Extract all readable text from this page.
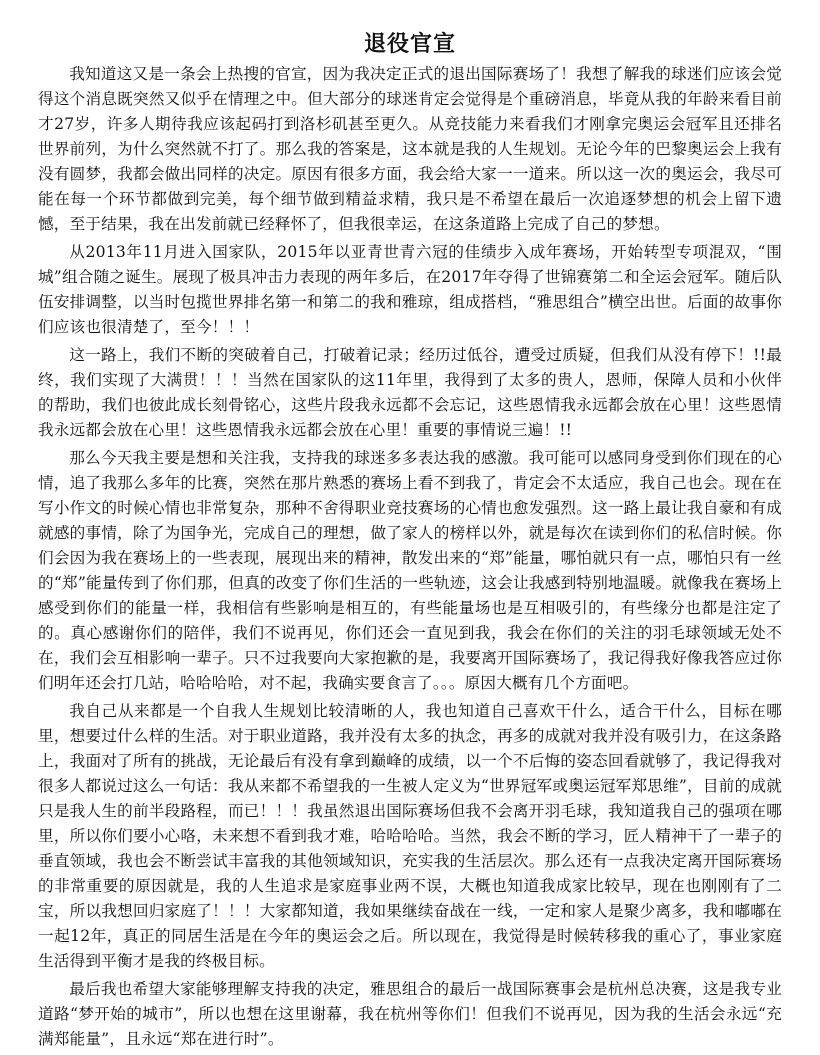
退役官宣

我知道这又是一条会上热搜的官宣，因为我决定正式的退出国际赛场了！我想了解我的球迷们应该会觉得这个消息既突然又似乎在情理之中。但大部分的球迷肯定会觉得是个重磅消息，毕竟从我的年龄来看目前才27岁，许多人期待我应该起码打到洛杉矶甚至更久。从竞技能力来看我们才刚拿完奥运会冠军且还排名世界前列，为什么突然就不打了。那么我的答案是，这本就是我的人生规划。无论今年的巴黎奥运会上我有没有圆梦，我都会做出同样的决定。原因有很多方面，我会给大家一一道来。所以这一次的奥运会，我尽可能在每一个环节都做到完美，每个细节做到精益求精，我只是不希望在最后一次追逐梦想的机会上留下遗憾，至于结果，我在出发前就已经释怀了，但我很幸运，在这条道路上完成了自己的梦想。

从2013年11月进入国家队，2015年以亚青世青六冠的佳绩步入成年赛场，开始转型专项混双，“围城”组合随之诞生。展现了极具冲击力表现的两年多后，在2017年夺得了世锦赛第二和全运会冠军。随后队伍安排调整，以当时包揽世界排名第一和第二的我和雅琼，组成搭档，“雅思组合”横空出世。后面的故事你们应该也很清楚了，至今！！！

这一路上，我们不断的突破着自己，打破着记录；经历过低谷，遭受过质疑，但我们从没有停下！!!最终，我们实现了大满贯！！！当然在国家队的这11年里，我得到了太多的贵人，恩师，保障人员和小伙伴的帮助，我们也彼此成长刻骨铭心，这些片段我永远都不会忘记，这些恩情我永远都会放在心里！这些恩情我永远都会放在心里！这些恩情我永远都会放在心里！重要的事情说三遍！!!

那么今天我主要是想和关注我，支持我的球迷多多表达我的感激。我可能可以感同身受到你们现在的心情，追了我那么多年的比赛，突然在那片熟悉的赛场上看不到我了，肯定会不太适应，我自己也会。现在在写小作文的时候心情也非常复杂，那种不舍得职业竞技赛场的心情也愈发强烈。这一路上最让我自豪和有成就感的事情，除了为国争光，完成自己的理想，做了家人的榜样以外，就是每次在读到你们的私信时候。你们会因为我在赛场上的一些表现，展现出来的精神，散发出来的“郑”能量，哪怕就只有一点，哪怕只有一丝的“郑”能量传到了你们那，但真的改变了你们生活的一些轨迹，这会让我感到特别地温暖。就像我在赛场上感受到你们的能量一样，我相信有些影响是相互的，有些能量场也是互相吸引的，有些缘分也都是注定了的。真心感谢你们的陪伴，我们不说再见，你们还会一直见到我，我会在你们的关注的羽毛球领域无处不在，我们会互相影响一辈子。只不过我要向大家抱歉的是，我要离开国际赛场了，我记得我好像我答应过你们明年还会打几站，哈哈哈哈，对不起，我确实要食言了。。。原因大概有几个方面吧。

我自己从来都是一个自我人生规划比较清晰的人，我也知道自己喜欢干什么，适合干什么，目标在哪里，想要过什么样的生活。对于职业道路，我并没有太多的执念，再多的成就对我并没有吸引力，在这条路上，我面对了所有的挑战，无论最后有没有拿到巅峰的成绩，以一个不后悔的姿态回看就够了，我记得我对很多人都说过这么一句话：我从来都不希望我的一生被人定义为“世界冠军或奥运冠军郑思维”，目前的成就只是我人生的前半段路程，而已！！！我虽然退出国际赛场但我不会离开羽毛球，我知道我自己的强项在哪里，所以你们要小心咯，未来想不看到我才难，哈哈哈哈。当然，我会不断的学习，匠人精神干了一辈子的垂直领域，我也会不断尝试丰富我的其他领域知识，充实我的生活层次。那么还有一点我决定离开国际赛场的非常重要的原因就是，我的人生追求是家庭事业两不误，大概也知道我成家比较早，现在也刚刚有了二宝，所以我想回归家庭了！！！大家都知道，我如果继续奋战在一线，一定和家人是聚少离多，我和嘟嘟在一起12年，真正的同居生活是在今年的奥运会之后。所以现在，我觉得是时候转移我的重心了，事业家庭生活得到平衡才是我的终极目标。

最后我也希望大家能够理解支持我的决定，雅思组合的最后一战国际赛事会是杭州总决赛，这是我专业道路“梦开始的城市”，所以也想在这里谢幕，我在杭州等你们！但我们不说再见，因为我的生活会永远“充满郑能量”，且永远“郑在进行时”。
